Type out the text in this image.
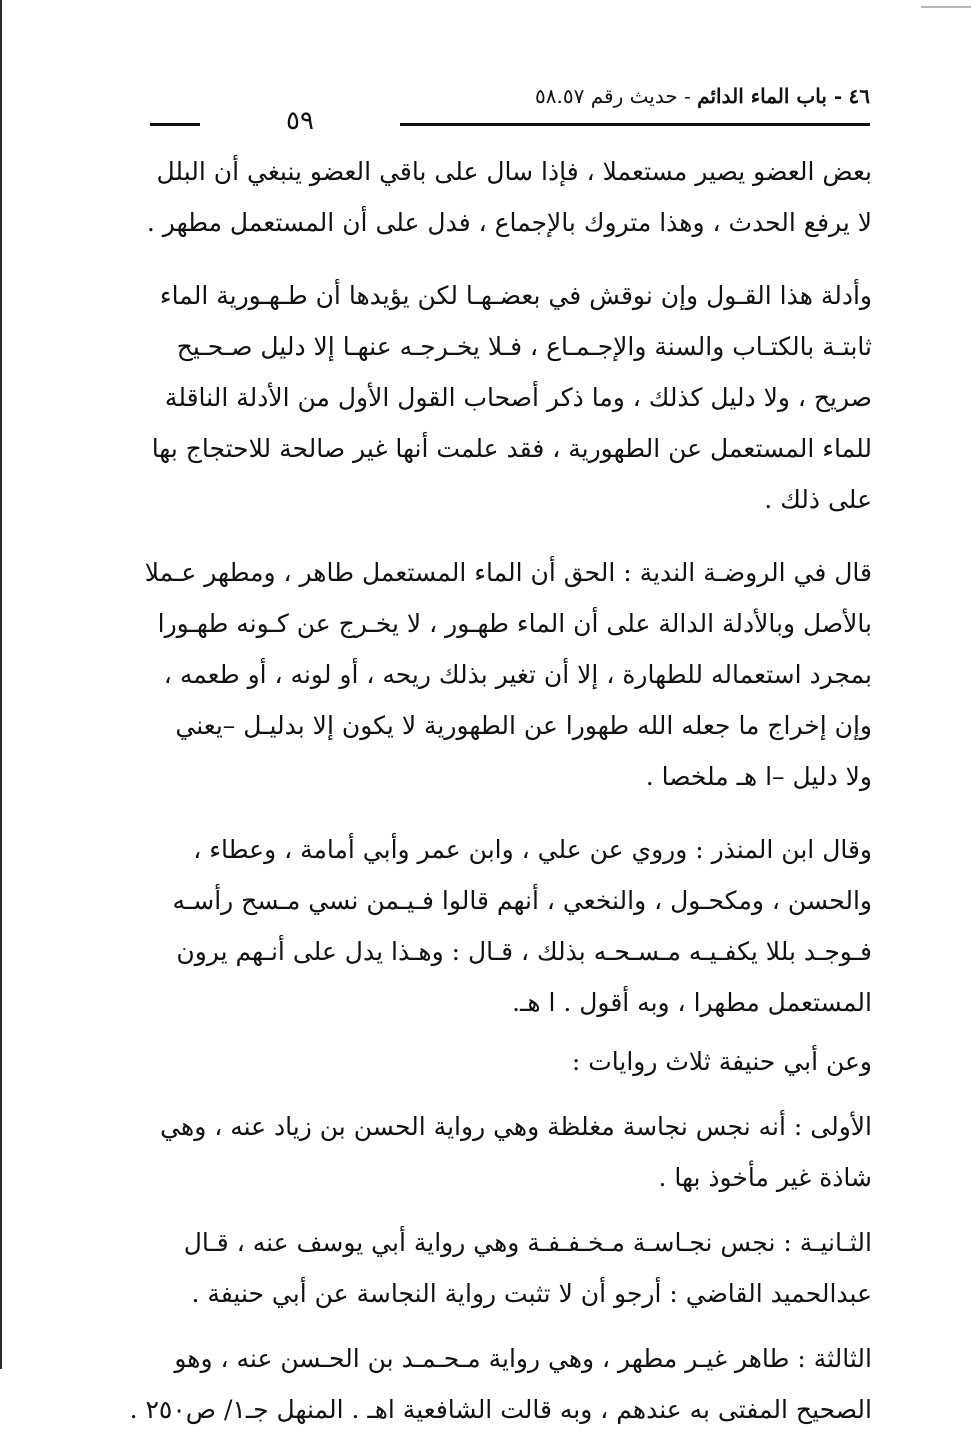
٥٩
٤٦ - باب الماء الدائم - حديث رقم ٥٨.٥٧
بعض العضو يصير مستعملا ، فإذا سال على باقي العضو ينبغي أن البلل
لا يرفع الحدث ، وهذا متروك بالإجماع ، فدل على أن المستعمل مطهر .
وأدلة هذا القـول وإن نوقش في بعضـهـا لكن يؤيدها أن طـهـورية الماء
ثابتـة بالكتـاب والسنة والإجـمـاع ، فـلا يخـرجـه عنهـا إلا دليل صـحـيح
صريح ، ولا دليل كذلك ، وما ذكر أصحاب القول الأول من الأدلة الناقلة
للماء المستعمل عن الطهورية ، فقد علمت أنها غير صالحة للاحتجاج بها
على ذلك .
قال في الروضـة الندية : الحق أن الماء المستعمل طاهر ، ومطهر عـملا
بالأصل وبالأدلة الدالة على أن الماء طهـور ، لا يخـرج عن كـونه طهـورا
بمجرد استعماله للطهارة ، إلا أن تغير بذلك ريحه ، أو لونه ، أو طعمه ،
وإن إخراج ما جعله الله طهورا عن الطهورية لا يكون إلا بدليـل –يعني
ولا دليل –ا هـ ملخصا .
وقال ابن المنذر : وروي عن علي ، وابن عمر وأبي أمامة ، وعطاء ،
والحسن ، ومكحـول ، والنخعي ، أنهم قالوا فـيـمن نسي مـسح رأسـه
فـوجـد بللا يكفـيـه مـسـحـه بذلك ، قـال : وهـذا يدل على أنـهم يرون
المستعمل مطهرا ، وبه أقول . ا هـ.
وعن أبي حنيفة ثلاث روايات :
الأولى : أنه نجس نجاسة مغلظة وهي رواية الحسن بن زياد عنه ، وهي
شاذة غير مأخوذ بها .
الثـانيـة : نجس نجـاسـة مـخـفـفـة وهي رواية أبي يوسف عنه ، قـال
عبدالحميد القاضي : أرجو أن لا تثبت رواية النجاسة عن أبي حنيفة .
الثالثة : طاهر غيـر مطهر ، وهي رواية مـحـمـد بن الحـسن عنه ، وهو
الصحيح المفتى به عندهم ، وبه قالت الشافعية اهـ . المنهل جـ١/ ص٢٥٠ .
